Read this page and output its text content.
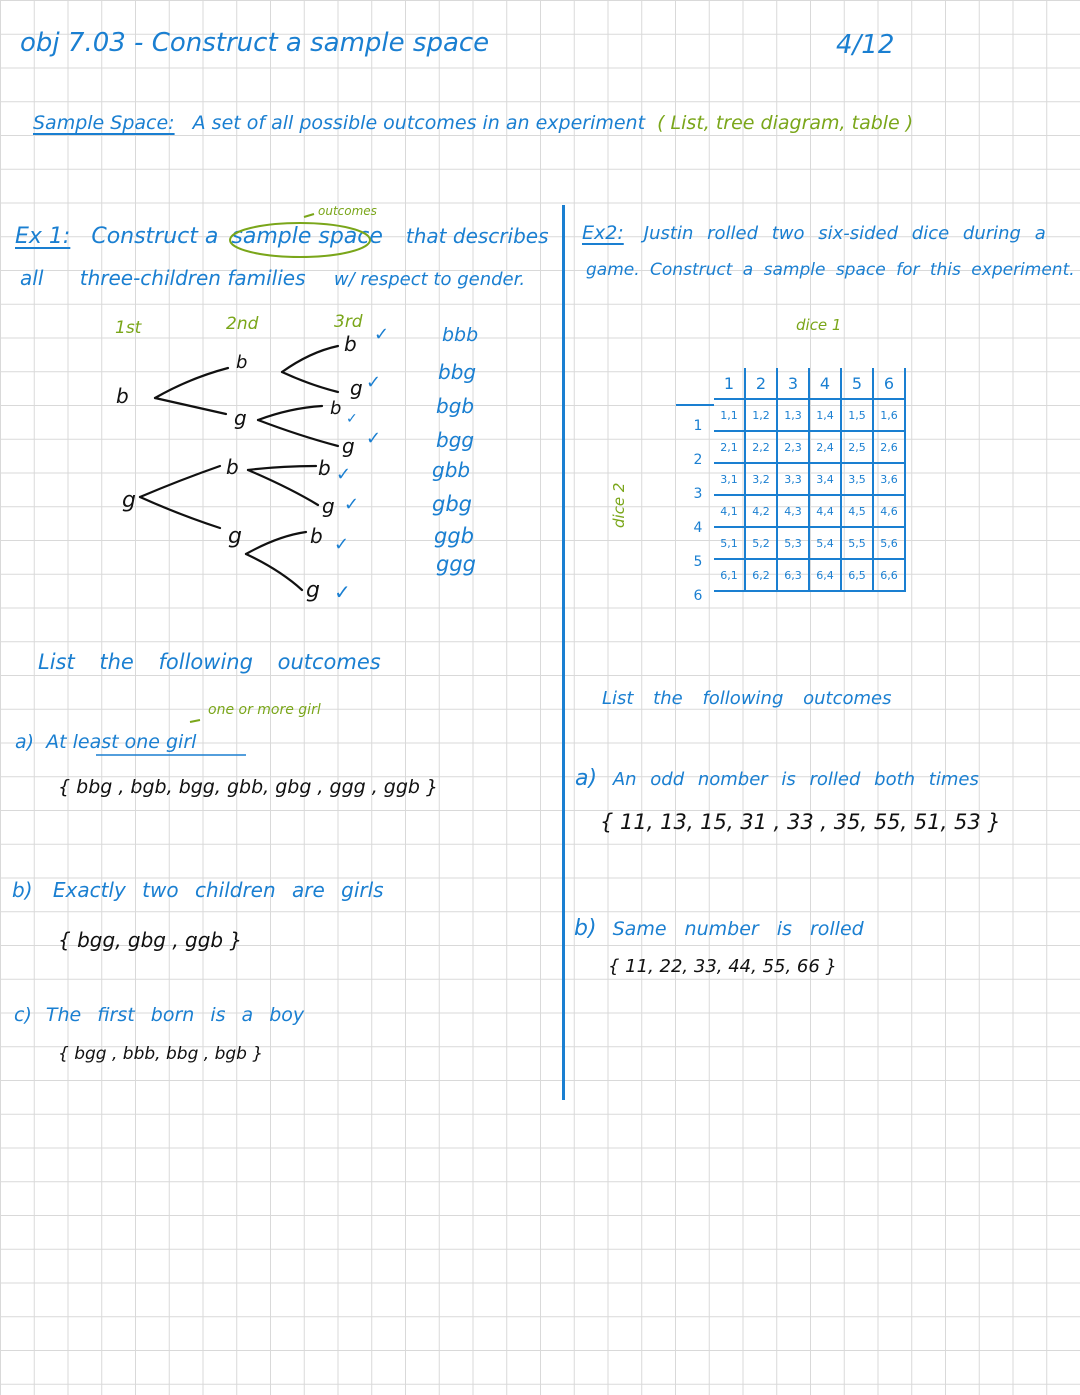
obj 7.03 - Construct a sample space	4/12
Sample Space: A set of all possible outcomes in an experiment ( List, tree diagram, table )
outcomes
Ex 1: Construct a sample space that describes
all three-children families w/ respect to gender.
1st	2nd	3rd
b
g
b
g
b
g
b
g
b
g
b
g
b
g
✓
✓
✓
✓
✓
✓
✓
✓
bbb
bbg
bgb
bgg
gbb
gbg
ggb
ggg
List the following outcomes
one or more girl
a) At least one girl
{ bbg , bgb, bgg, gbb, gbg , ggg , ggb }
b) Exactly two children are girls
{ bgg, gbg , ggb }
c) The first born is a boy
{ bgg , bbb, bbg , bgb }
Ex2: Justin rolled two six-sided dice during a
game. Construct a sample space for this experiment.
dice 1
dice 2
1
2
3
4
5
6
1	2	3	4	5	6
1,1	1,2	1,3	1,4	1,5	1,6
2,1	2,2	2,3	2,4	2,5	2,6
3,1	3,2	3,3	3,4	3,5	3,6
4,1	4,2	4,3	4,4	4,5	4,6
5,1	5,2	5,3	5,4	5,5	5,6
6,1	6,2	6,3	6,4	6,5	6,6
List the following outcomes
a) An odd nomber is rolled both times
{ 11, 13, 15, 31 , 33 , 35, 55, 51, 53 }
b) Same number is rolled
{ 11, 22, 33, 44, 55, 66 }
